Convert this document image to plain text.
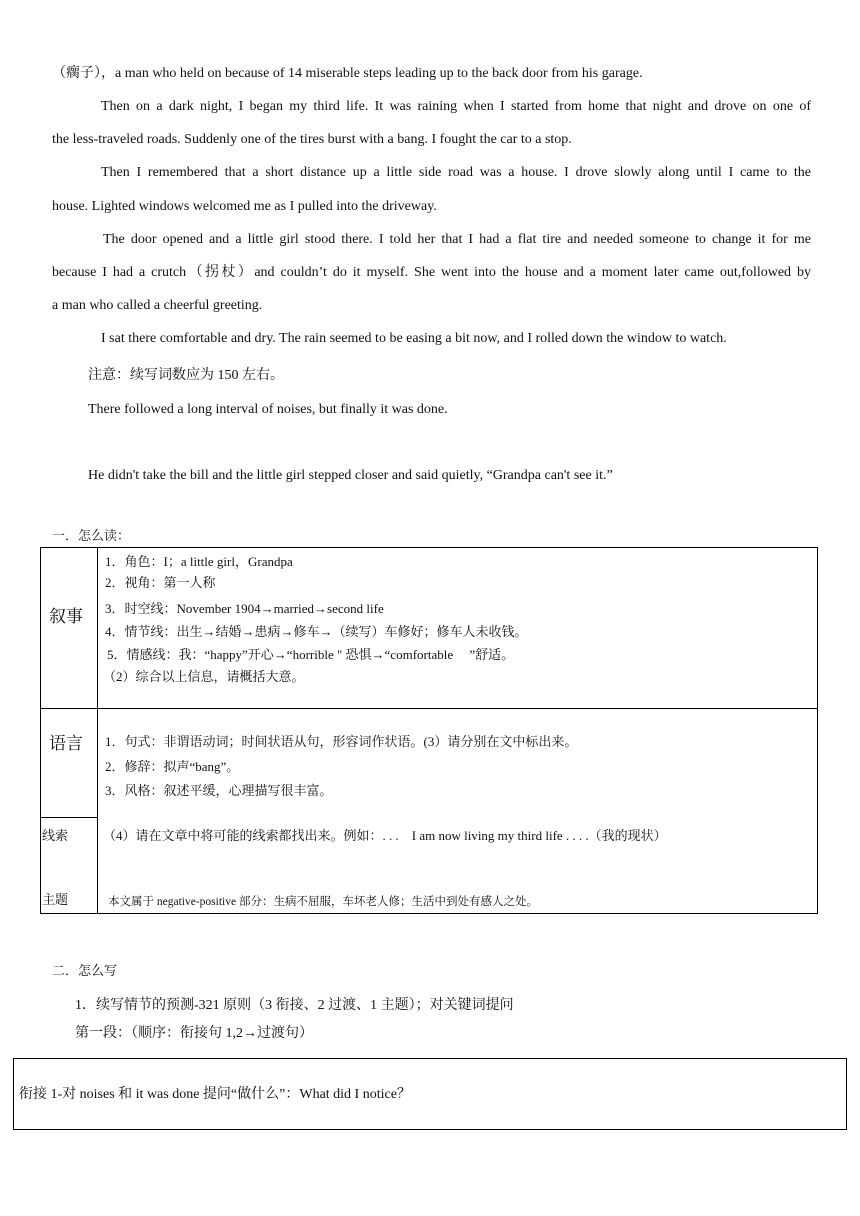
（瘸子），a man who held on because of 14 miserable steps leading up to the back door from his garage.
Then on a dark night, I began my third life. It was raining when I started from home that night and drove on one of
the less-traveled roads. Suddenly one of the tires burst with a bang. I fought the car to a stop.
Then I remembered that a short distance up a little side road was a house. I drove slowly along until I came to the
house. Lighted windows welcomed me as I pulled into the driveway.
The door opened and a little girl stood there. I told her that I had a flat tire and needed someone to change it for me
because I had a crutch（拐杖）and couldn’t do it myself. She went into the house and a moment later came out,followed by
a man who called a cheerful greeting.
I sat there comfortable and dry. The rain seemed to be easing a bit now, and I rolled down the window to watch.
注意：续写词数应为 150 左右。
There followed a long interval of noises, but finally it was done.
He didn't take the bill and the little girl stepped closer and said quietly, “Grandpa can't see it.”
一．怎么读：
叙事
1．角色：I；a little girl，Grandpa
2．视角：第一人称
3．时空线：November 1904→married→second life
4．情节线：出生→结婚→患病→修车→（续写）车修好；修车人未收钱。
5．情感线：我：“happy”开心→“horrible " 恐惧→“comfortable　 ”舒适。
（2）综合以上信息，请概括大意。
语言 1．句式：非谓语动词；时间状语从句，形容词作状语。(3）请分别在文中标出来。
2．修辞：拟声“bang”。
3．风格：叙述平缓，心理描写很丰富。
线索	（4）请在文章中将可能的线索都找出来。例如：. . .　I am now living my third life . . . .（我的现状）
主题	本文属于 negative-positive 部分：生病不屈服，车坏老人修；生活中到处有感人之处。
二．怎么写
1．续写情节的预测-321 原则（3 衔接、2 过渡、1 主题）；对关键词提问
第一段：（顺序：衔接句 1,2→过渡句）
衔接 1-对 noises 和 it was done 提问“做什么”：What did I notice？
